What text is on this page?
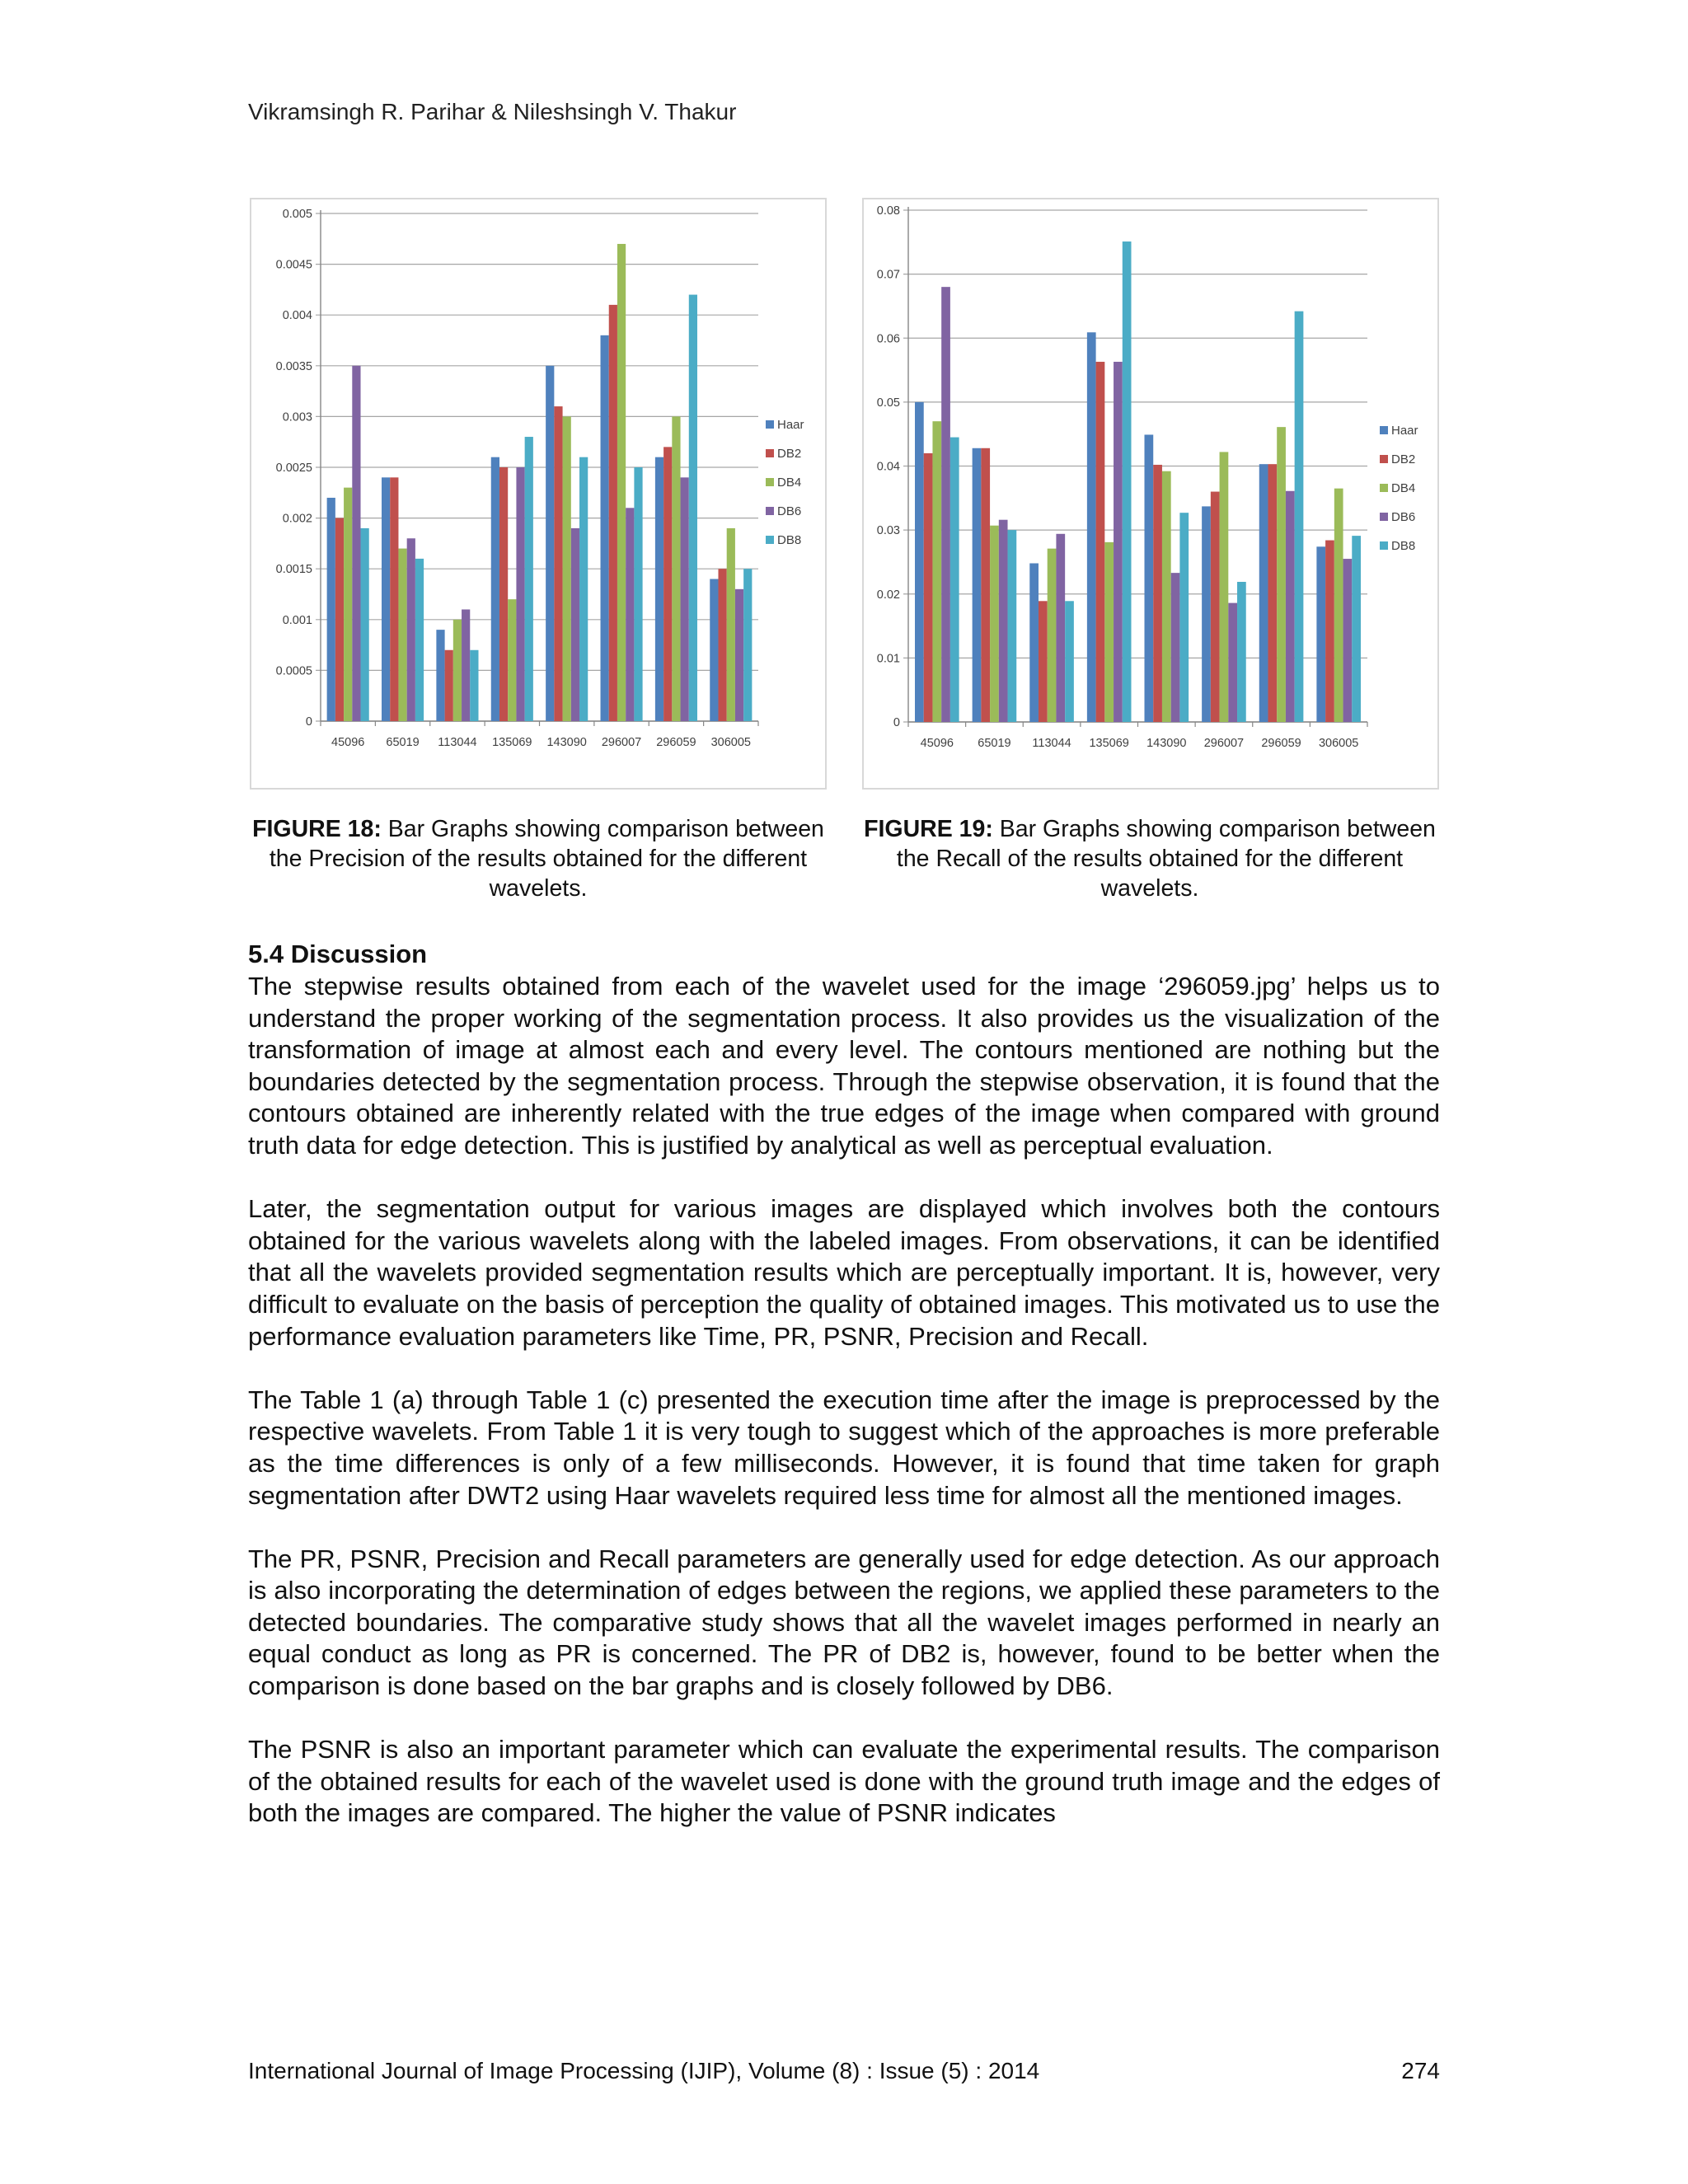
Vikramsingh R. Parihar & Nileshsingh V. Thakur
0
0.0005
0.001
0.0015
0.002
0.0025
0.003
0.0035
0.004
0.0045
0.005
45096 65019 113044 135069 143090 296007 296059 306005
Haar
DB2
DB4
DB6
DB8
0
0.01
0.02
0.03
0.04
0.05
0.06
0.07
0.08
45096 65019 113044 135069 143090 296007 296059 306005
Haar
DB2
DB4
DB6
DB8
FIGURE 18: Bar Graphs showing comparison between the Precision of the results obtained for the different wavelets.
FIGURE 19: Bar Graphs showing comparison between the Recall of the results obtained for the different wavelets.
5.4 Discussion

The stepwise results obtained from each of the wavelet used for the image ‘296059.jpg’ helps us to understand the proper working of the segmentation process. It also provides us the visualization of the transformation of image at almost each and every level. The contours mentioned are nothing but the boundaries detected by the segmentation process. Through the stepwise observation, it is found that the contours obtained are inherently related with the true edges of the image when compared with ground truth data for edge detection. This is justified by analytical as well as perceptual evaluation.

Later, the segmentation output for various images are displayed which involves both the contours obtained for the various wavelets along with the labeled images. From observations, it can be identified that all the wavelets provided segmentation results which are perceptually important. It is, however, very difficult to evaluate on the basis of perception the quality of obtained images. This motivated us to use the performance evaluation parameters like Time, PR, PSNR, Precision and Recall.

The Table 1 (a) through Table 1 (c) presented the execution time after the image is preprocessed by the respective wavelets. From Table 1 it is very tough to suggest which of the approaches is more preferable as the time differences is only of a few milliseconds. However, it is found that time taken for graph segmentation after DWT2 using Haar wavelets required less time for almost all the mentioned images.

The PR, PSNR, Precision and Recall parameters are generally used for edge detection. As our approach is also incorporating the determination of edges between the regions, we applied these parameters to the detected boundaries. The comparative study shows that all the wavelet images performed in nearly an equal conduct as long as PR is concerned. The PR of DB2 is, however, found to be better when the comparison is done based on the bar graphs and is closely followed by DB6.

The PSNR is also an important parameter which can evaluate the experimental results. The comparison of the obtained results for each of the wavelet used is done with the ground truth image and the edges of both the images are compared. The higher the value of PSNR indicates

International Journal of Image Processing (IJIP), Volume (8) : Issue (5) : 2014	274
